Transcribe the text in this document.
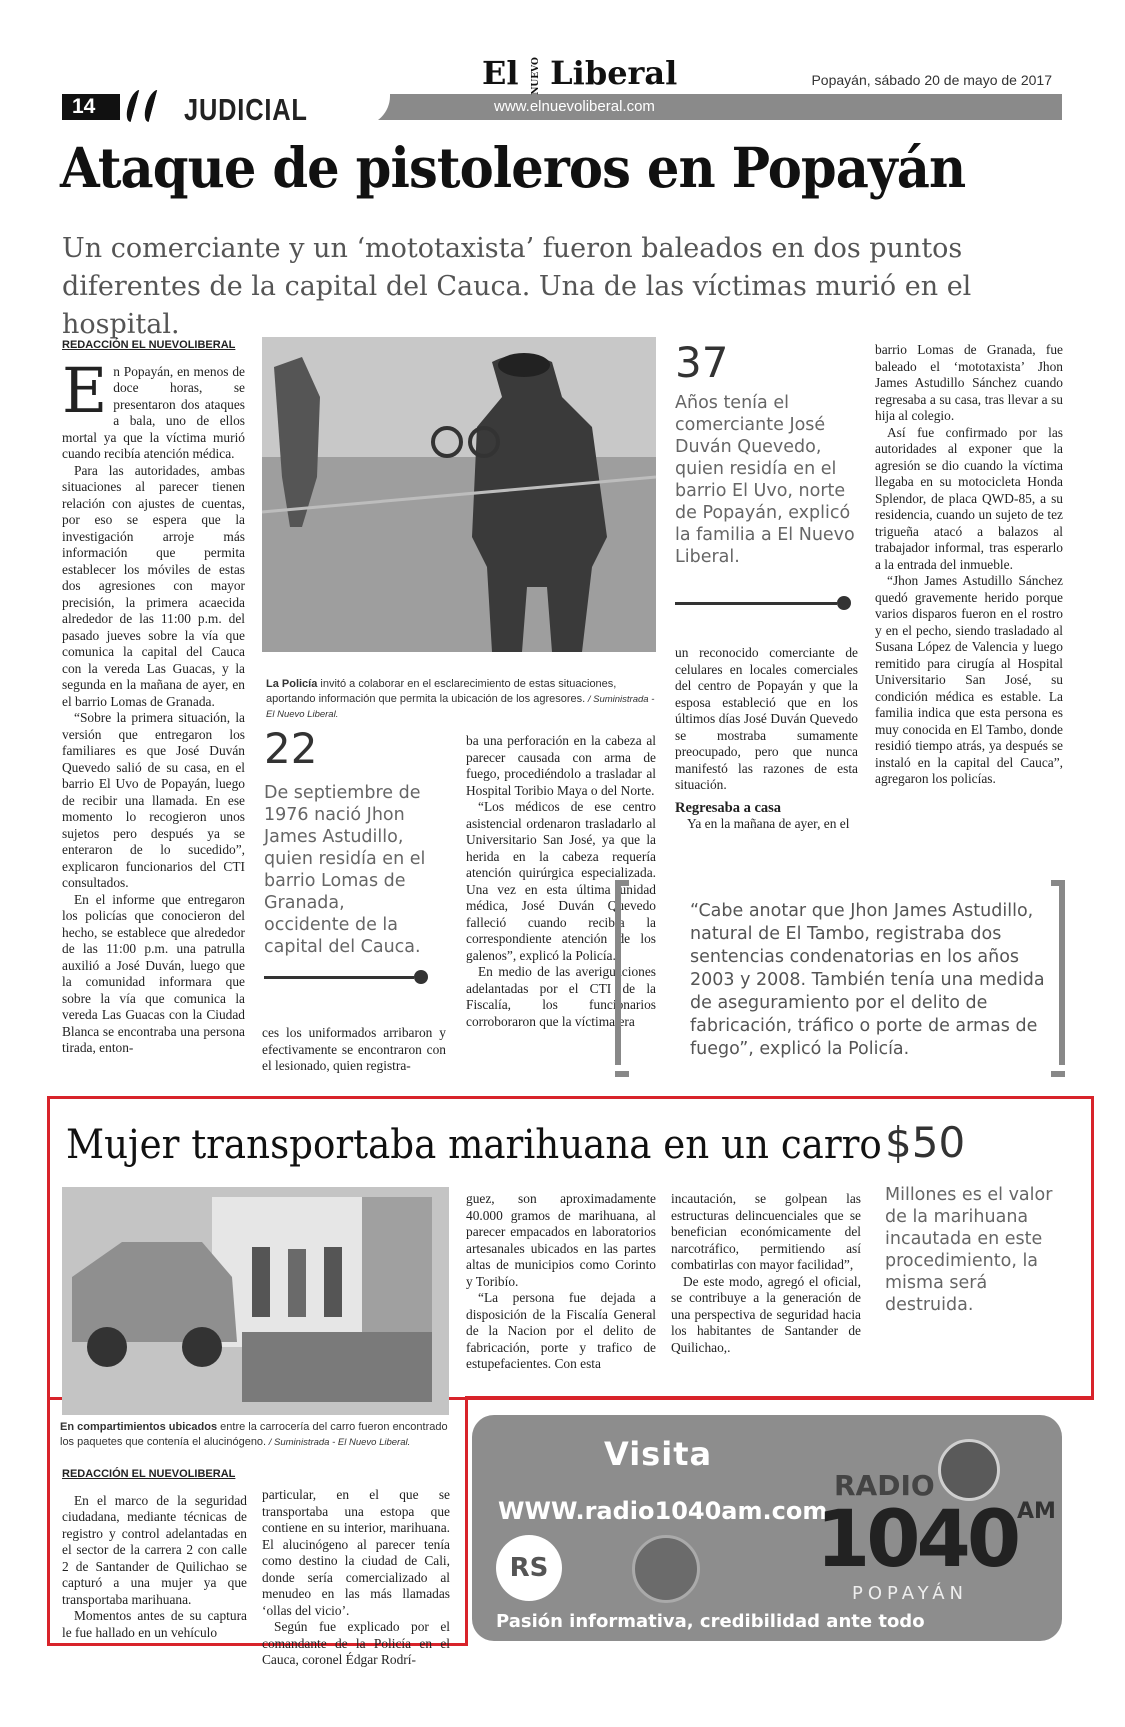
14	JUDICIAL
El NUEVO Liberal
www.elnuevoliberal.com
Popayán, sábado 20 de mayo de 2017
Ataque de pistoleros en Popayán
Un comerciante y un ‘mototaxista’ fueron baleados en dos puntos diferentes de la capital del Cauca. Una de las víctimas murió en el hospital.

REDACCIÓN EL NUEVOLIBERAL

En Popayán, en menos de doce horas, se presentaron dos ataques a bala, uno de ellos mortal ya que la víctima murió cuando recibía atención médica.

Para las autoridades, ambas situaciones al parecer tienen relación con ajustes de cuentas, por eso se espera que la investigación arroje más información que permita establecer los móviles de estas dos agresiones con mayor precisión, la primera acaecida alrededor de las 11:00 p.m. del pasado jueves sobre la vía que comunica la capital del Cauca con la vereda Las Guacas, y la segunda en la mañana de ayer, en el barrio Lomas de Granada.

“Sobre la primera situación, la versión que entregaron los familiares es que José Duván Quevedo salió de su casa, en el barrio El Uvo de Popayán, luego de recibir una llamada. En ese momento lo recogieron unos sujetos pero después ya se enteraron de lo sucedido”, explicaron funcionarios del CTI consultados.

En el informe que entregaron los policías que conocieron del hecho, se establece que alrededor de las 11:00 p.m. una patrulla auxilió a José Duván, luego que la comunidad informara que sobre la vía que comunica la vereda Las Guacas con la Ciudad Blanca se encontraba una persona tirada, enton-

La Policía invitó a colaborar en el esclarecimiento de estas situaciones, aportando información que permita la ubicación de los agresores. / Suministrada - El Nuevo Liberal.
22
De septiembre de 1976 nació Jhon James Astudillo, quien residía en el barrio Lomas de Granada, occidente de la capital del Cauca.

ces los uniformados arribaron y efectivamente se encontraron con el lesionado, quien registra-

ba una perforación en la cabeza al parecer causada con arma de fuego, procediéndolo a trasladar al Hospital Toribio Maya o del Norte.

“Los médicos de ese centro asistencial ordenaron trasladarlo al Universitario San José, ya que la herida en la cabeza requería atención quirúrgica especializada. Una vez en esta última unidad médica, José Duván Quevedo falleció cuando recibía la correspondiente atención de los galenos”, explicó la Policía.

En medio de las averiguaciones adelantadas por el CTI de la Fiscalía, los funcionarios corroboraron que la víctima era

37
Años tenía el comerciante José Duván Quevedo, quien residía en el barrio El Uvo, norte de Popayán, explicó la familia a El Nuevo Liberal.

un reconocido comerciante de celulares en locales comerciales del centro de Popayán y que la esposa estableció que en los últimos días José Duván Quevedo se mostraba sumamente preocupado, pero que nunca manifestó las razones de esta situación.

Regresaba a casa

Ya en la mañana de ayer, en el

barrio Lomas de Granada, fue baleado el ‘mototaxista’ Jhon James Astudillo Sánchez cuando regresaba a su casa, tras llevar a su hija al colegio.

Así fue confirmado por las autoridades al exponer que la agresión se dio cuando la víctima llegaba en su motocicleta Honda Splendor, de placa QWD-85, a su residencia, cuando un sujeto de tez trigueña atacó a balazos al trabajador informal, tras esperarlo a la entrada del inmueble.

“Jhon James Astudillo Sánchez quedó gravemente herido porque varios disparos fueron en el rostro y en el pecho, siendo trasladado al Susana López de Valencia y luego remitido para cirugía al Hospital Universitario San José, su condición médica es estable. La familia indica que esta persona es muy conocida en El Tambo, donde residió tiempo atrás, ya después se instaló en la capital del Cauca”, agregaron los policías.

“Cabe anotar que Jhon James Astudillo, natural de El Tambo, registraba dos sentencias condenatorias en los años 2003 y 2008. También tenía una medida de aseguramiento por el delito de fabricación, tráfico o porte de armas de fuego”, explicó la Policía.
Mujer transportaba marihuana en un carro $50
Millones es el valor de la marihuana incautada en este procedimiento, la misma será destruida.
En compartimientos ubicados entre la carrocería del carro fueron encontrado los paquetes que contenía el alucinógeno. / Suministrada - El Nuevo Liberal.

REDACCIÓN EL NUEVOLIBERAL

En el marco de la seguridad ciudadana, mediante técnicas de registro y control adelantadas en el sector de la carrera 2 con calle 2 de Santander de Quilichao se capturó a una mujer ya que transportaba marihuana.

Momentos antes de su captura le fue hallado en un vehículo

particular, en el que se transportaba una estopa que contiene en su interior, marihuana. El alucinógeno al parecer tenía como destino la ciudad de Cali, donde sería comercializado al menudeo en las más llamadas ‘ollas del vicio’.

Según fue explicado por el comandante de la Policía en el Cauca, coronel Édgar Rodrí-

guez, son aproximadamente 40.000 gramos de marihuana, al parecer empacados en laboratorios artesanales ubicados en las partes altas de municipios como Corinto y Toribío.

“La persona fue dejada a disposición de la Fiscalía General de la Nacion por el delito de fabricación, porte y trafico de estupefacientes. Con esta

incautación, se golpean las estructuras delincuenciales que se benefician económicamente del narcotráfico, permitiendo así combatirlas con mayor facilidad”,

De este modo, agregó el oficial, se contribuye a la generación de una perspectiva de seguridad hacia los habitantes de Santander de Quilichao,.

Visita
WWW.radio1040am.com
RADIO
1040 AM
POPAYÁN
RS
Pasión informativa, credibilidad ante todo
